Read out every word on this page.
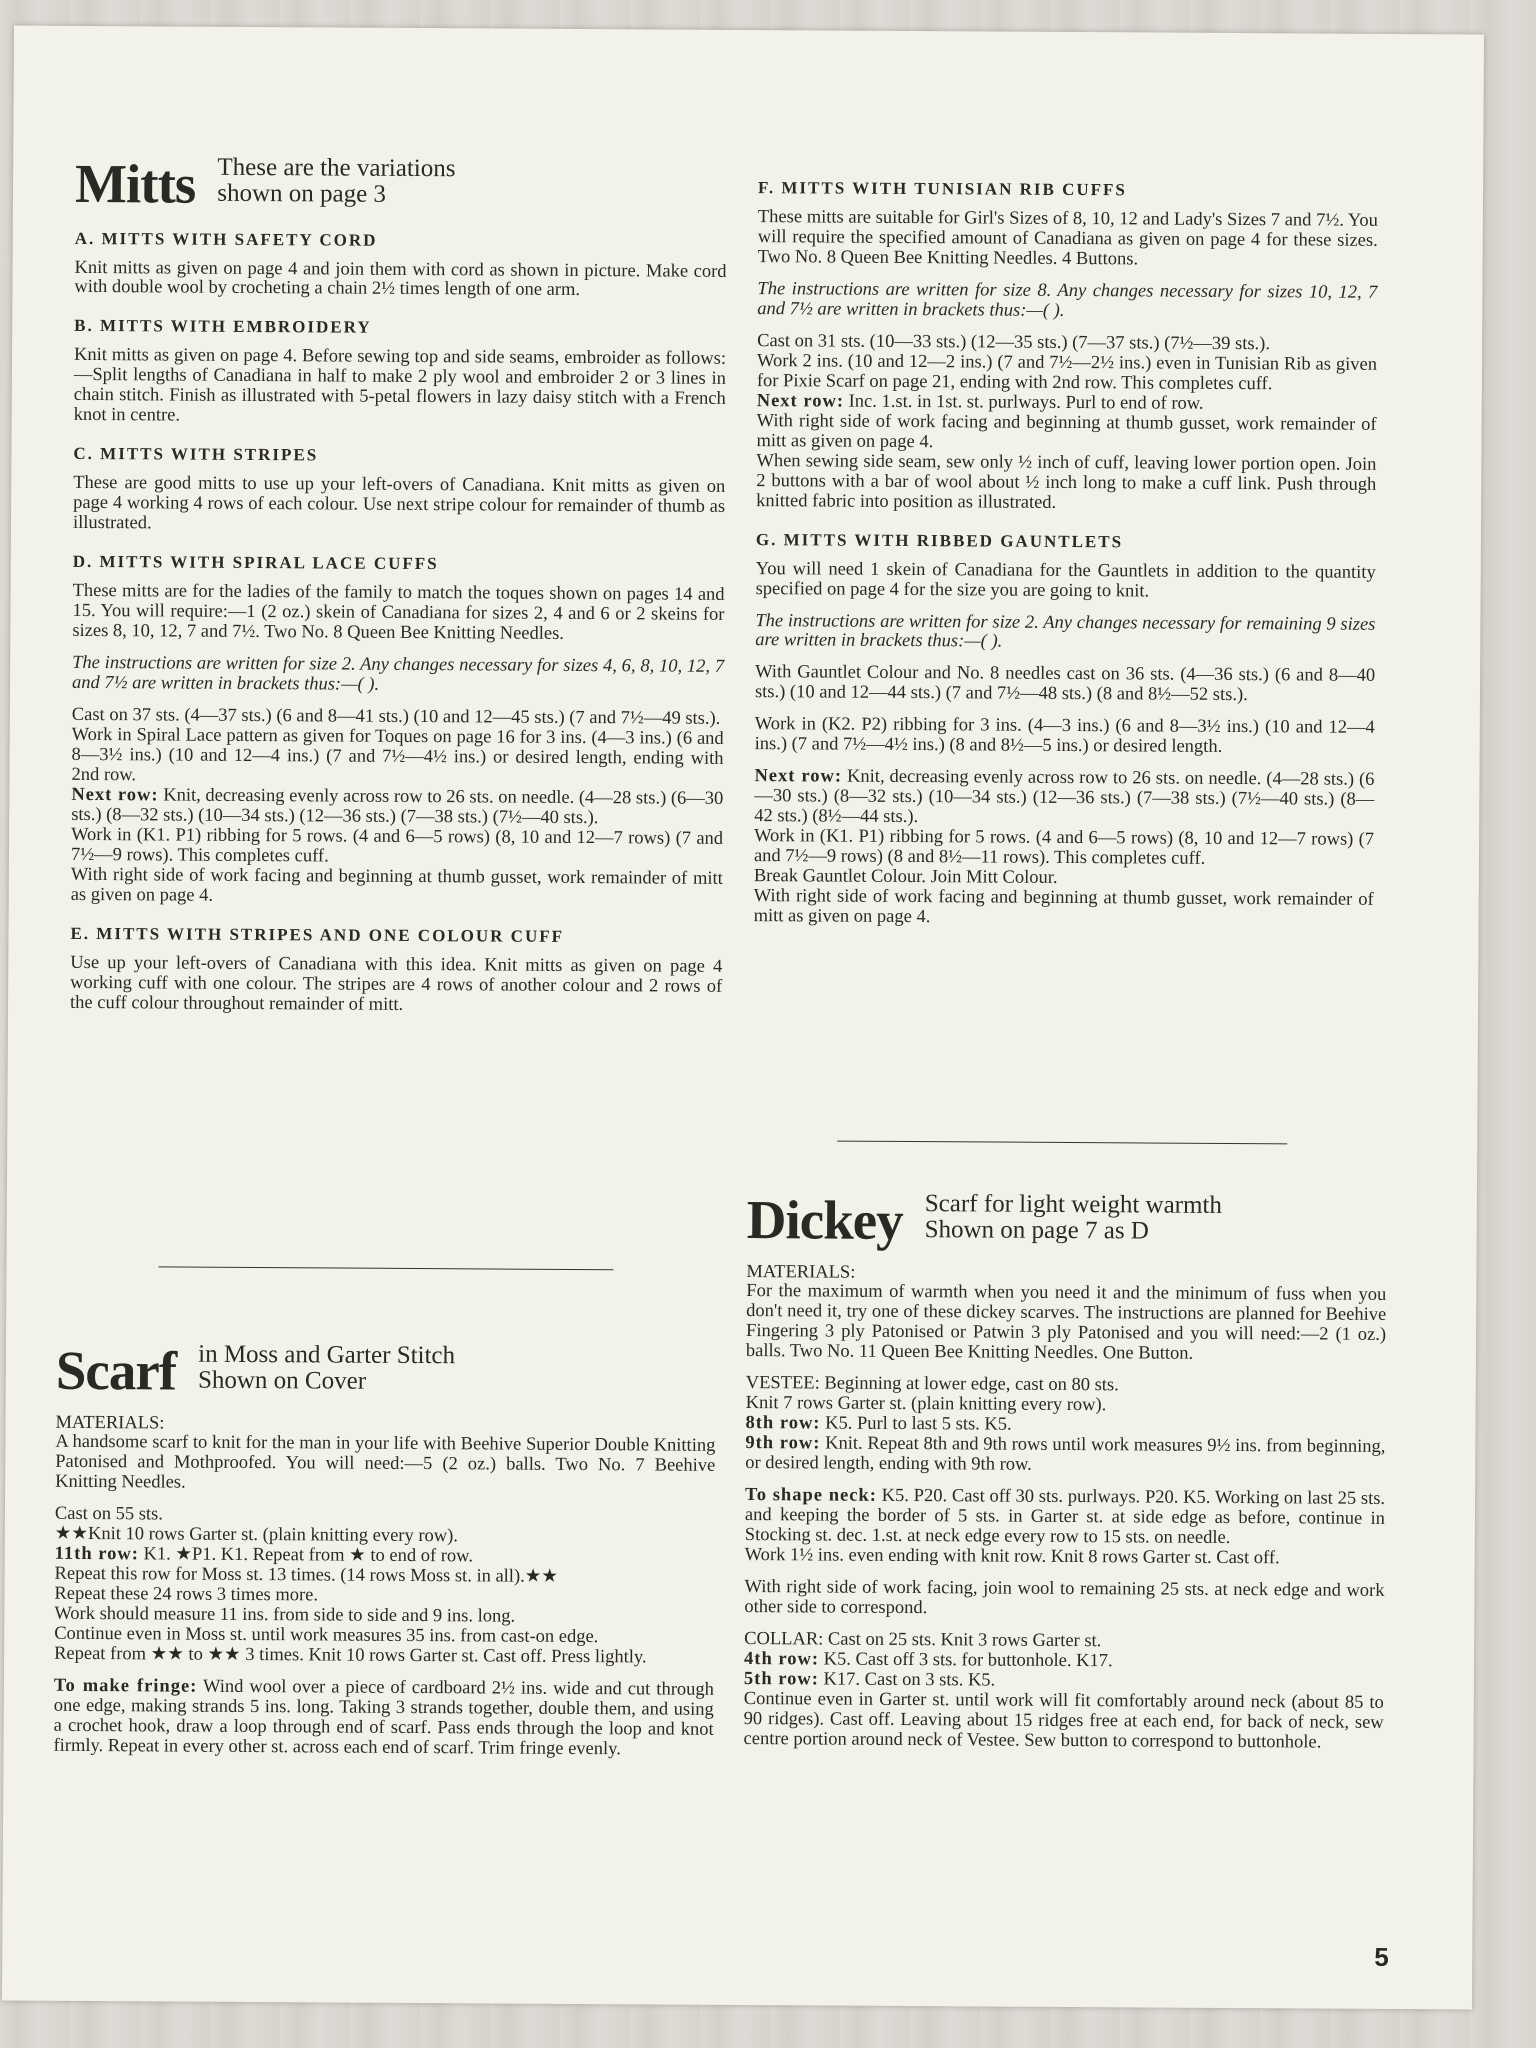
Mitts These are the variations
shown on page 3
A. MITTS WITH SAFETY CORD

Knit mitts as given on page 4 and join them with cord as shown in picture. Make cord with double wool by crocheting a chain 2½ times length of one arm.

B. MITTS WITH EMBROIDERY

Knit mitts as given on page 4. Before sewing top and side seams, embroider as follows:—Split lengths of Canadiana in half to make 2 ply wool and embroider 2 or 3 lines in chain stitch. Finish as illustrated with 5-petal flowers in lazy daisy stitch with a French knot in centre.

C. MITTS WITH STRIPES

These are good mitts to use up your left-overs of Canadiana. Knit mitts as given on page 4 working 4 rows of each colour. Use next stripe colour for remainder of thumb as illustrated.

D. MITTS WITH SPIRAL LACE CUFFS

These mitts are for the ladies of the family to match the toques shown on pages 14 and 15. You will require:—1 (2 oz.) skein of Canadiana for sizes 2, 4 and 6 or 2 skeins for sizes 8, 10, 12, 7 and 7½. Two No. 8 Queen Bee Knitting Needles.

The instructions are written for size 2. Any changes necessary for sizes 4, 6, 8, 10, 12, 7 and 7½ are written in brackets thus:—( ).

Cast on 37 sts. (4—37 sts.) (6 and 8—41 sts.) (10 and 12—45 sts.) (7 and 7½—49 sts.).

Work in Spiral Lace pattern as given for Toques on page 16 for 3 ins. (4—3 ins.) (6 and 8—3½ ins.) (10 and 12—4 ins.) (7 and 7½—4½ ins.) or desired length, ending with 2nd row.

Next row: Knit, decreasing evenly across row to 26 sts. on needle. (4—28 sts.) (6—30 sts.) (8—32 sts.) (10—34 sts.) (12—36 sts.) (7—38 sts.) (7½—40 sts.).

Work in (K1. P1) ribbing for 5 rows. (4 and 6—5 rows) (8, 10 and 12—7 rows) (7 and 7½—9 rows). This completes cuff.

With right side of work facing and beginning at thumb gusset, work remainder of mitt as given on page 4.

E. MITTS WITH STRIPES AND ONE COLOUR CUFF

Use up your left-overs of Canadiana with this idea. Knit mitts as given on page 4 working cuff with one colour. The stripes are 4 rows of another colour and 2 rows of the cuff colour throughout remainder of mitt.

F. MITTS WITH TUNISIAN RIB CUFFS

These mitts are suitable for Girl's Sizes of 8, 10, 12 and Lady's Sizes 7 and 7½. You will require the specified amount of Canadiana as given on page 4 for these sizes. Two No. 8 Queen Bee Knitting Needles. 4 Buttons.

The instructions are written for size 8. Any changes necessary for sizes 10, 12, 7 and 7½ are written in brackets thus:—( ).

Cast on 31 sts. (10—33 sts.) (12—35 sts.) (7—37 sts.) (7½—39 sts.).

Work 2 ins. (10 and 12—2 ins.) (7 and 7½—2½ ins.) even in Tunisian Rib as given for Pixie Scarf on page 21, ending with 2nd row. This completes cuff.

Next row: Inc. 1.st. in 1st. st. purlways. Purl to end of row.

With right side of work facing and beginning at thumb gusset, work remainder of mitt as given on page 4.

When sewing side seam, sew only ½ inch of cuff, leaving lower portion open. Join 2 buttons with a bar of wool about ½ inch long to make a cuff link. Push through knitted fabric into position as illustrated.

G. MITTS WITH RIBBED GAUNTLETS

You will need 1 skein of Canadiana for the Gauntlets in addition to the quantity specified on page 4 for the size you are going to knit.

The instructions are written for size 2. Any changes necessary for remaining 9 sizes are written in brackets thus:—( ).

With Gauntlet Colour and No. 8 needles cast on 36 sts. (4—36 sts.) (6 and 8—40 sts.) (10 and 12—44 sts.) (7 and 7½—48 sts.) (8 and 8½—52 sts.).

Work in (K2. P2) ribbing for 3 ins. (4—3 ins.) (6 and 8—3½ ins.) (10 and 12—4 ins.) (7 and 7½—4½ ins.) (8 and 8½—5 ins.) or desired length.

Next row: Knit, decreasing evenly across row to 26 sts. on needle. (4—28 sts.) (6—30 sts.) (8—32 sts.) (10—34 sts.) (12—36 sts.) (7—38 sts.) (7½—40 sts.) (8—42 sts.) (8½—44 sts.).

Work in (K1. P1) ribbing for 5 rows. (4 and 6—5 rows) (8, 10 and 12—7 rows) (7 and 7½—9 rows) (8 and 8½—11 rows). This completes cuff.

Break Gauntlet Colour. Join Mitt Colour.

With right side of work facing and beginning at thumb gusset, work remainder of mitt as given on page 4.

Scarf in Moss and Garter Stitch
Shown on Cover

MATERIALS:

A handsome scarf to knit for the man in your life with Beehive Superior Double Knitting Patonised and Mothproofed. You will need:—5 (2 oz.) balls. Two No. 7 Beehive Knitting Needles.

Cast on 55 sts.

★★Knit 10 rows Garter st. (plain knitting every row).

11th row: K1. ★P1. K1. Repeat from ★ to end of row.

Repeat this row for Moss st. 13 times. (14 rows Moss st. in all).★★

Repeat these 24 rows 3 times more.

Work should measure 11 ins. from side to side and 9 ins. long.

Continue even in Moss st. until work measures 35 ins. from cast-on edge.

Repeat from ★★ to ★★ 3 times. Knit 10 rows Garter st. Cast off. Press lightly.

To make fringe: Wind wool over a piece of cardboard 2½ ins. wide and cut through one edge, making strands 5 ins. long. Taking 3 strands together, double them, and using a crochet hook, draw a loop through end of scarf. Pass ends through the loop and knot firmly. Repeat in every other st. across each end of scarf. Trim fringe evenly.

Dickey Scarf for light weight warmth
Shown on page 7 as D

MATERIALS:

For the maximum of warmth when you need it and the minimum of fuss when you don't need it, try one of these dickey scarves. The instructions are planned for Beehive Fingering 3 ply Patonised or Patwin 3 ply Patonised and you will need:—2 (1 oz.) balls. Two No. 11 Queen Bee Knitting Needles. One Button.

VESTEE: Beginning at lower edge, cast on 80 sts.

Knit 7 rows Garter st. (plain knitting every row).

8th row: K5. Purl to last 5 sts. K5.

9th row: Knit. Repeat 8th and 9th rows until work measures 9½ ins. from beginning, or desired length, ending with 9th row.

To shape neck: K5. P20. Cast off 30 sts. purlways. P20. K5. Working on last 25 sts. and keeping the border of 5 sts. in Garter st. at side edge as before, continue in Stocking st. dec. 1.st. at neck edge every row to 15 sts. on needle.

Work 1½ ins. even ending with knit row. Knit 8 rows Garter st. Cast off.

With right side of work facing, join wool to remaining 25 sts. at neck edge and work other side to correspond.

COLLAR: Cast on 25 sts. Knit 3 rows Garter st.

4th row: K5. Cast off 3 sts. for buttonhole. K17.

5th row: K17. Cast on 3 sts. K5.

Continue even in Garter st. until work will fit comfortably around neck (about 85 to 90 ridges). Cast off. Leaving about 15 ridges free at each end, for back of neck, sew centre portion around neck of Vestee. Sew button to correspond to buttonhole.

5
